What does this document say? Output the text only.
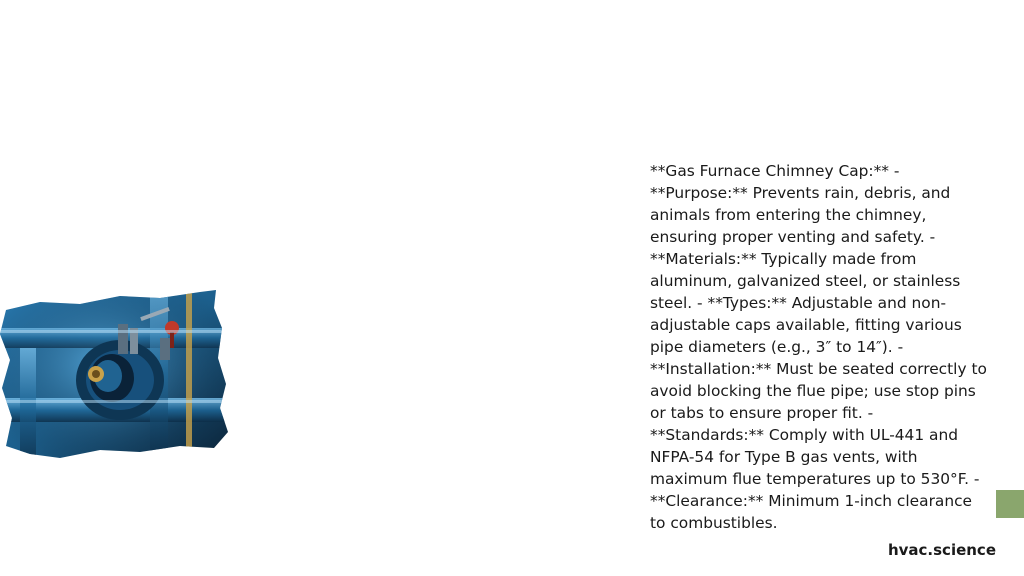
**Gas Furnace Chimney Cap:** - **Purpose:** Prevents rain, debris, and animals from entering the chimney, ensuring proper venting and safety. - **Materials:** Typically made from aluminum, galvanized steel, or stainless steel. - **Types:** Adjustable and non-adjustable caps available, fitting various pipe diameters (e.g., 3″ to 14″). - **Installation:** Must be seated correctly to avoid blocking the flue pipe; use stop pins or tabs to ensure proper fit. - **Standards:** Comply with UL-441 and NFPA-54 for Type B gas vents, with maximum flue temperatures up to 530°F. - **Clearance:** Minimum 1-inch clearance to combustibles.

hvac.science
